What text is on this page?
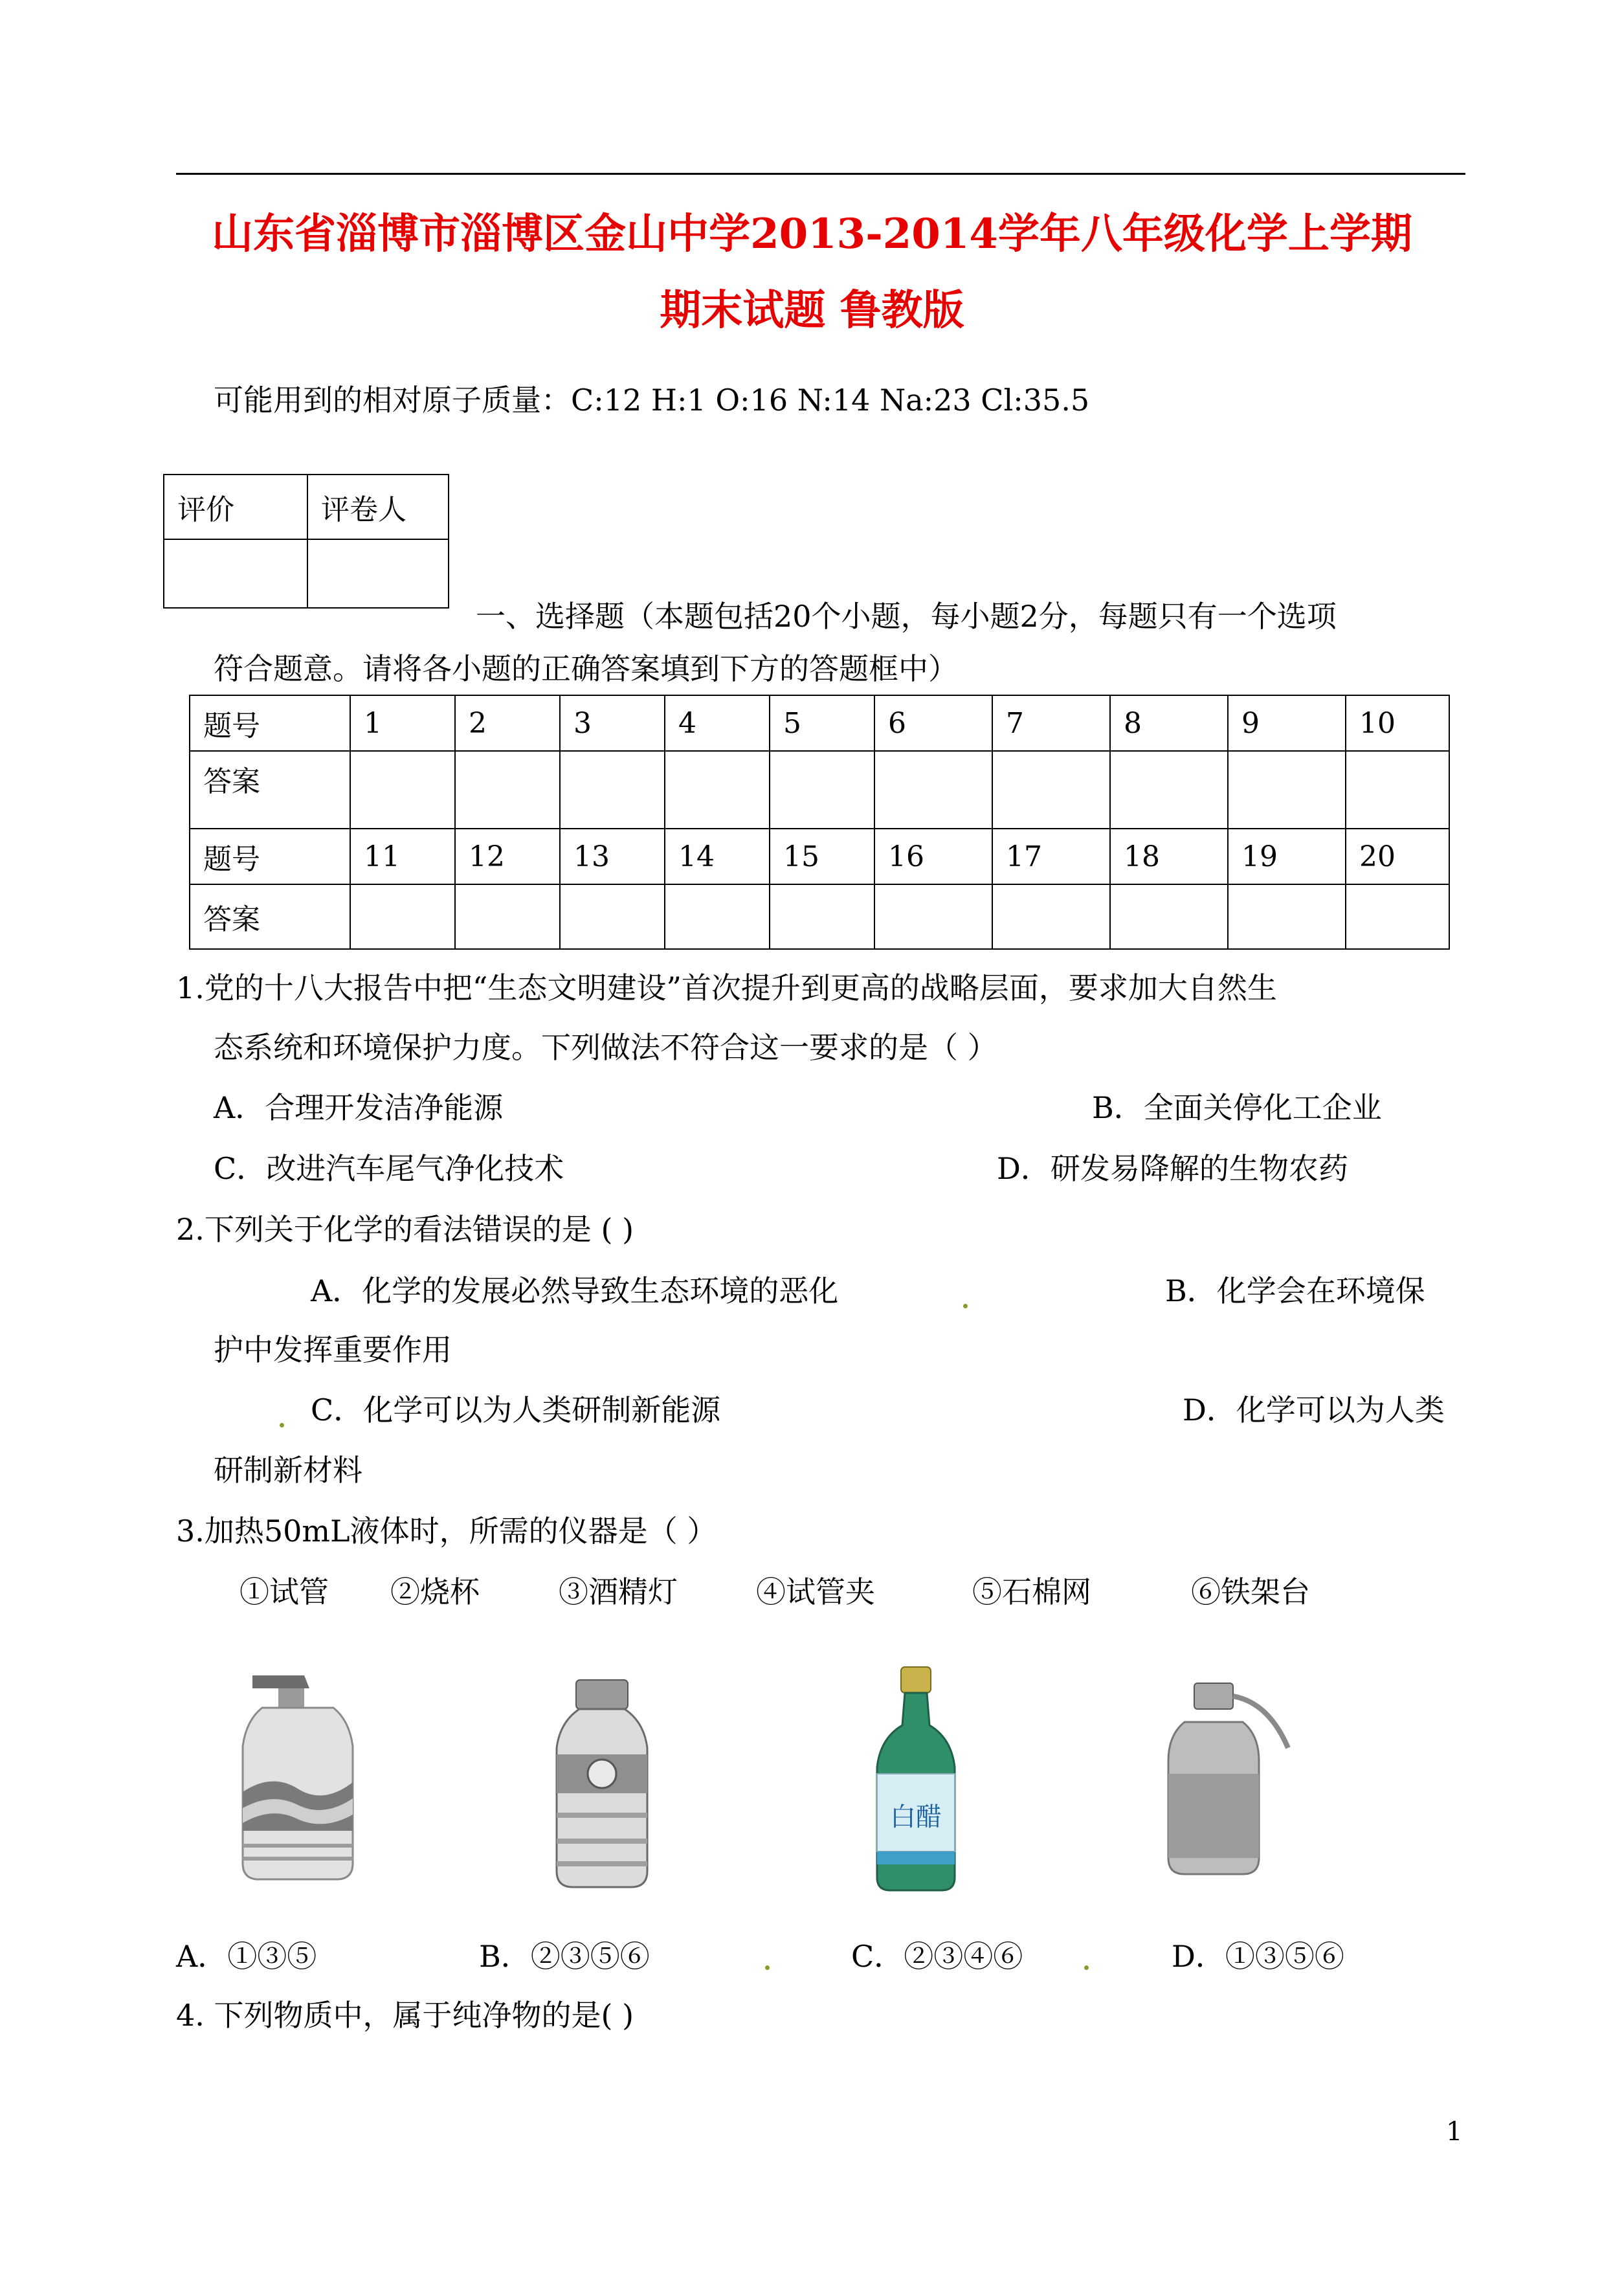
山东省淄博市淄博区金山中学2013-2014学年八年级化学上学期
期末试题 鲁教版
可能用到的相对原子质量：C:12 H:1 O:16 N:14 Na:23 Cl:35.5
评价	评卷人

一、选择题（本题包括20个小题，每小题2分，每题只有一个选项
符合题意。请将各小题的正确答案填到下方的答题框中）
题号	1	2	3	4	5	6	7	8	9	10
答案										
题号	11	12	13	14	15	16	17	18	19	20
答案										
1.党的十八大报告中把“生态文明建设”首次提升到更高的战略层面，要求加大自然生
态系统和环境保护力度。下列做法不符合这一要求的是（ ）
A．合理开发洁净能源	B．全面关停化工企业
C．改进汽车尾气净化技术	D．研发易降解的生物农药
2.下列关于化学的看法错误的是 ( )
A．化学的发展必然导致生态环境的恶化	B．化学会在环境保
护中发挥重要作用
C．化学可以为人类研制新能源	D．化学可以为人类
研制新材料
3.加热50mL液体时，所需的仪器是（ ）
①试管 ②烧杯	③酒精灯	④试管夹	⑤石棉网	⑥铁架台
白醋
A．①③⑤	B．②③⑤⑥	C．②③④⑥	D．①③⑤⑥
4. 下列物质中，属于纯净物的是( )
1
